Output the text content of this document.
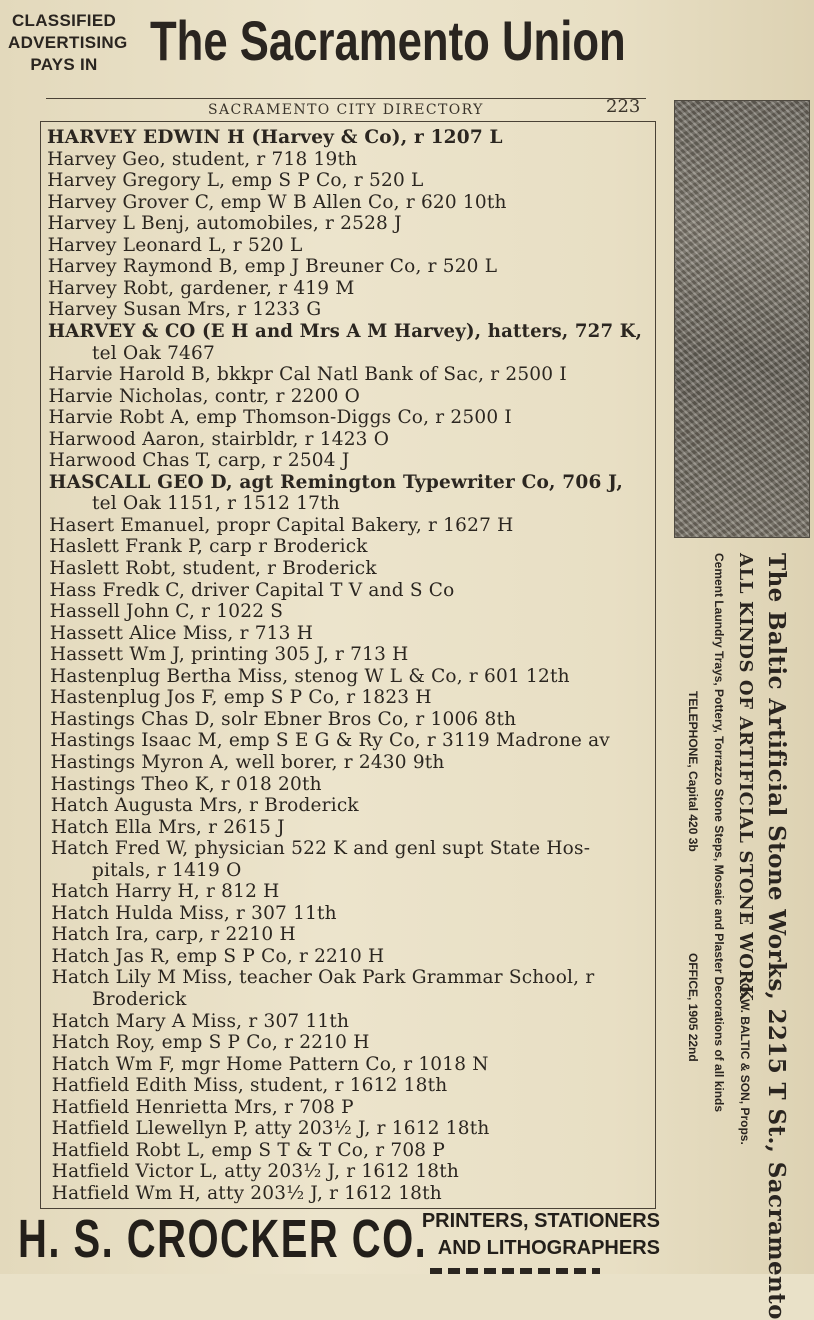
CLASSIFIED
ADVERTISING
PAYS IN The Sacramento Union
SACRAMENTO CITY DIRECTORY	223
HARVEY EDWIN H (Harvey & Co), r 1207 L
Harvey Geo, student, r 718 19th
Harvey Gregory L, emp S P Co, r 520 L
Harvey Grover C, emp W B Allen Co, r 620 10th
Harvey L Benj, automobiles, r 2528 J
Harvey Leonard L, r 520 L
Harvey Raymond B, emp J Breuner Co, r 520 L
Harvey Robt, gardener, r 419 M
Harvey Susan Mrs, r 1233 G
HARVEY & CO (E H and Mrs A M Harvey), hatters, 727 K,
tel Oak 7467
Harvie Harold B, bkkpr Cal Natl Bank of Sac, r 2500 I
Harvie Nicholas, contr, r 2200 O
Harvie Robt A, emp Thomson-Diggs Co, r 2500 I
Harwood Aaron, stairbldr, r 1423 O
Harwood Chas T, carp, r 2504 J
HASCALL GEO D, agt Remington Typewriter Co, 706 J,
tel Oak 1151, r 1512 17th
Hasert Emanuel, propr Capital Bakery, r 1627 H
Haslett Frank P, carp r Broderick
Haslett Robt, student, r Broderick
Hass Fredk C, driver Capital T V and S Co
Hassell John C, r 1022 S
Hassett Alice Miss, r 713 H
Hassett Wm J, printing 305 J, r 713 H
Hastenplug Bertha Miss, stenog W L & Co, r 601 12th
Hastenplug Jos F, emp S P Co, r 1823 H
Hastings Chas D, solr Ebner Bros Co, r 1006 8th
Hastings Isaac M, emp S E G & Ry Co, r 3119 Madrone av
Hastings Myron A, well borer, r 2430 9th
Hastings Theo K, r 018 20th
Hatch Augusta Mrs, r Broderick
Hatch Ella Mrs, r 2615 J
Hatch Fred W, physician 522 K and genl supt State Hos-
pitals, r 1419 O
Hatch Harry H, r 812 H
Hatch Hulda Miss, r 307 11th
Hatch Ira, carp, r 2210 H
Hatch Jas R, emp S P Co, r 2210 H
Hatch Lily M Miss, teacher Oak Park Grammar School, r
Broderick
Hatch Mary A Miss, r 307 11th
Hatch Roy, emp S P Co, r 2210 H
Hatch Wm F, mgr Home Pattern Co, r 1018 N
Hatfield Edith Miss, student, r 1612 18th
Hatfield Henrietta Mrs, r 708 P
Hatfield Llewellyn P, atty 203½ J, r 1612 18th
Hatfield Robt L, emp S T & T Co, r 708 P
Hatfield Victor L, atty 203½ J, r 1612 18th
Hatfield Wm H, atty 203½ J, r 1612 18th	The Baltic Artificial Stone Works, 2215 T St., Sacramento
ALL KINDS OF ARTIFICIAL STONE WORK
G. W. BALTIC & SON, Props.
Cement Laundry Trays, Pottery, Torrazzo Stone Steps, Mosaic and Plaster Decorations of all kinds
TELEPHONE, Capital 420 3b
OFFICE, 1905 22nd
H. S. CROCKER CO.
PRINTERS, STATIONERS
AND LITHOGRAPHERS
